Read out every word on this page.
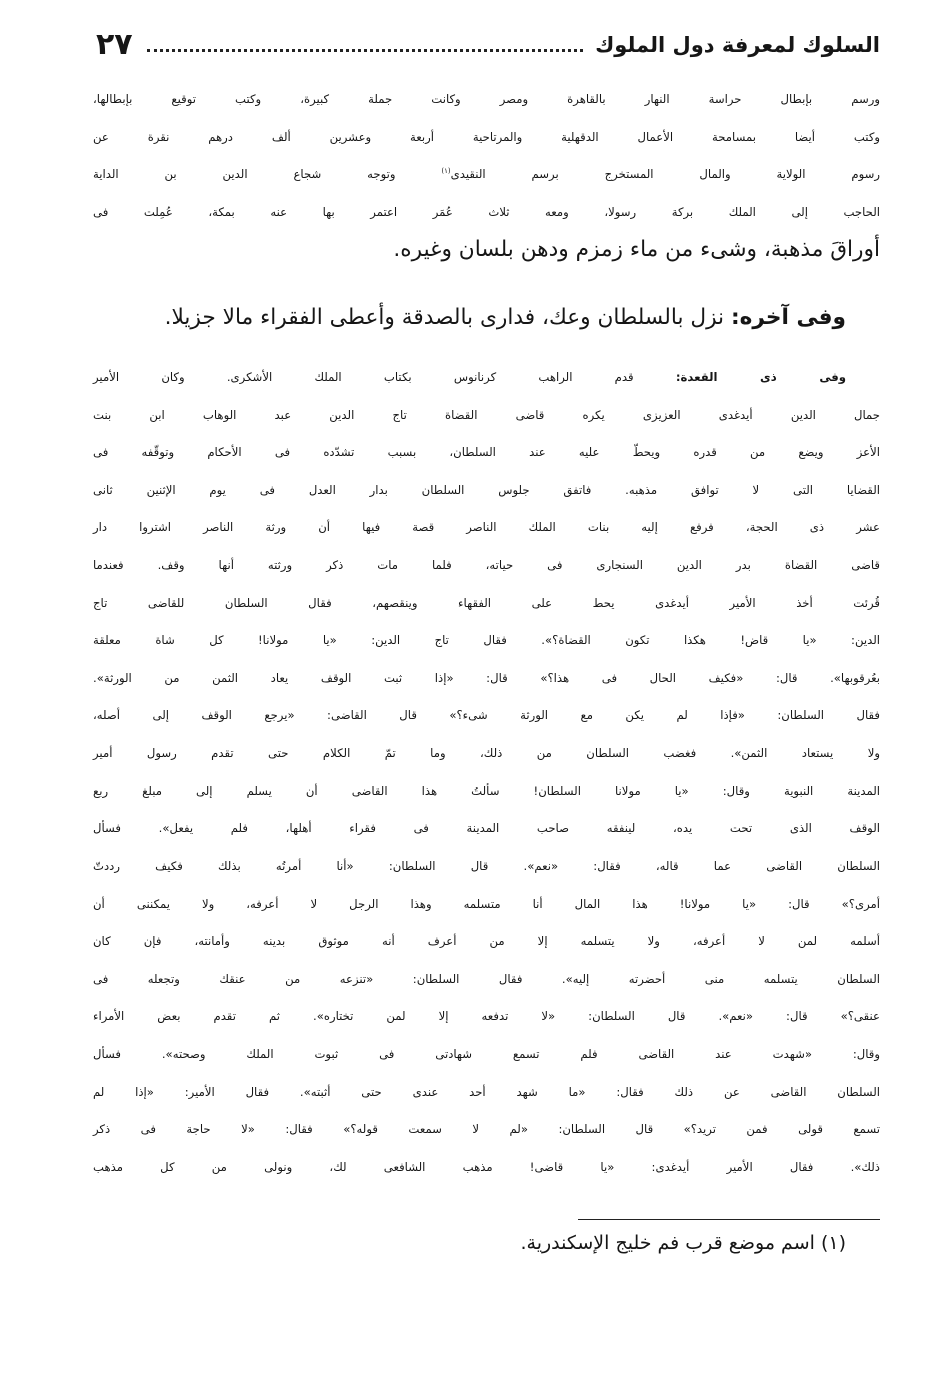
السلوك لمعرفة دول الملوك
٢٧
ورسم بإبطال حراسة النهار بالقاهرة ومصر وكانت جملة كبيرة، وكتب توقيع بإبطالها،
وكتب أيضا بمسامحة الأعمال الدقهلية والمرتاحية أربعة وعشرين ألف درهم نقرة عن
رسوم الولاية والمال المستخرج برسم النقيدى$^{(١)}$ وتوجه شجاع الدين بن الداية
الحاجب إلى الملك بركة رسولا، ومعه ثلاث عُمَر اعتمر بها عنه بمكة، عُمِلت فى
أوراقَ مذهبة، وشىء من ماء زمزم ودهن بلسان وغيره.
وفى آخره: نزل بالسلطان وعك، فدارى بالصدقة وأعطى الفقراء مالا جزيلا.
وفى ذى القعدة: قدم الراهب كرنانوس بكتاب الملك الأشكرى. وكان الأمير
جمال الدين أيدغدى العزيزى يكره قاضى القضاة تاج الدين عبد الوهاب ابن بنت
الأعز ويضع من قدره ويحطّ عليه عند السلطان، بسبب تشدّده فى الأحكام وتوقّفه فى
القضايا التى لا توافق مذهبه. فاتفق جلوس السلطان بدار العدل فى يوم الإثنين ثانى
عشر ذى الحجة، فرفع إليه بنات الملك الناصر قصة فيها أن ورثة الناصر اشتروا دار
قاضى القضاة بدر الدين السنجارى فى حياته، فلما مات ذكر ورثته أنها وقف. فعندما
قُرئت أخذ الأمير أيدغدى يحط على الفقهاء وينقصهم، فقال السلطان للقاضى تاج
الدين: «يا قاض! هكذا تكون القضاة؟». فقال تاج الدين: «يا مولانا! كل شاة معلقة
بعُرقوبها». قال: «فكيف الحال فى هذا؟» قال: «إذا ثبت الوقف يعاد الثمن من الورثة».
فقال السلطان: «فإذا لم يكن مع الورثة شىء؟» قال القاضى: «يرجع الوقف إلى أصله،
ولا يستعاد الثمن». فغضب السلطان من ذلك، وما تمّ الكلام حتى تقدم رسول أمير
المدينة النبوية وقال: «يا مولانا السلطان! سألتُ هذا القاضى أن يسلم إلى مبلغ ربع
الوقف الذى تحت يده، لينفقه صاحب المدينة فى فقراء أهلها، فلم يفعل». فسأل
السلطان القاضى عما قاله، فقال: «نعم». قال السلطان: «أنا أمرتُه بذلك فكيف رددتّ
أمرى؟» قال: «يا مولانا! هذا المال أنا متسلمه وهذا الرجل لا أعرفه، ولا يمكننى أن
أسلمه لمن لا أعرفه، ولا يتسلمه إلا من أعرف أنه موثوق بدينه وأمانته، فإن كان
السلطان يتسلمه منى أحضرته إليه». فقال السلطان: «تنزعه من عنقك وتجعله فى
عنقى؟» قال: «نعم». قال السلطان: «لا تدفعه إلا لمن تختاره». ثم تقدم بعض الأمراء
وقال: «شهدت عند القاضى فلم تسمع شهادتى فى ثبوت الملك وصحته». فسأل
السلطان القاضى عن ذلك فقال: «ما شهد أحد عندى حتى أثبته». فقال الأمير: «إذا لم
تسمع قولى فمن تريد؟» قال السلطان: «لم لا سمعت قوله؟» فقال: «لا حاجة فى ذكر
ذلك». فقال الأمير أيدغدى: «يا قاضى! مذهب الشافعى لك، ونولى من كل مذهب
(١) اسم موضع قرب فم خليج الإسكندرية.
